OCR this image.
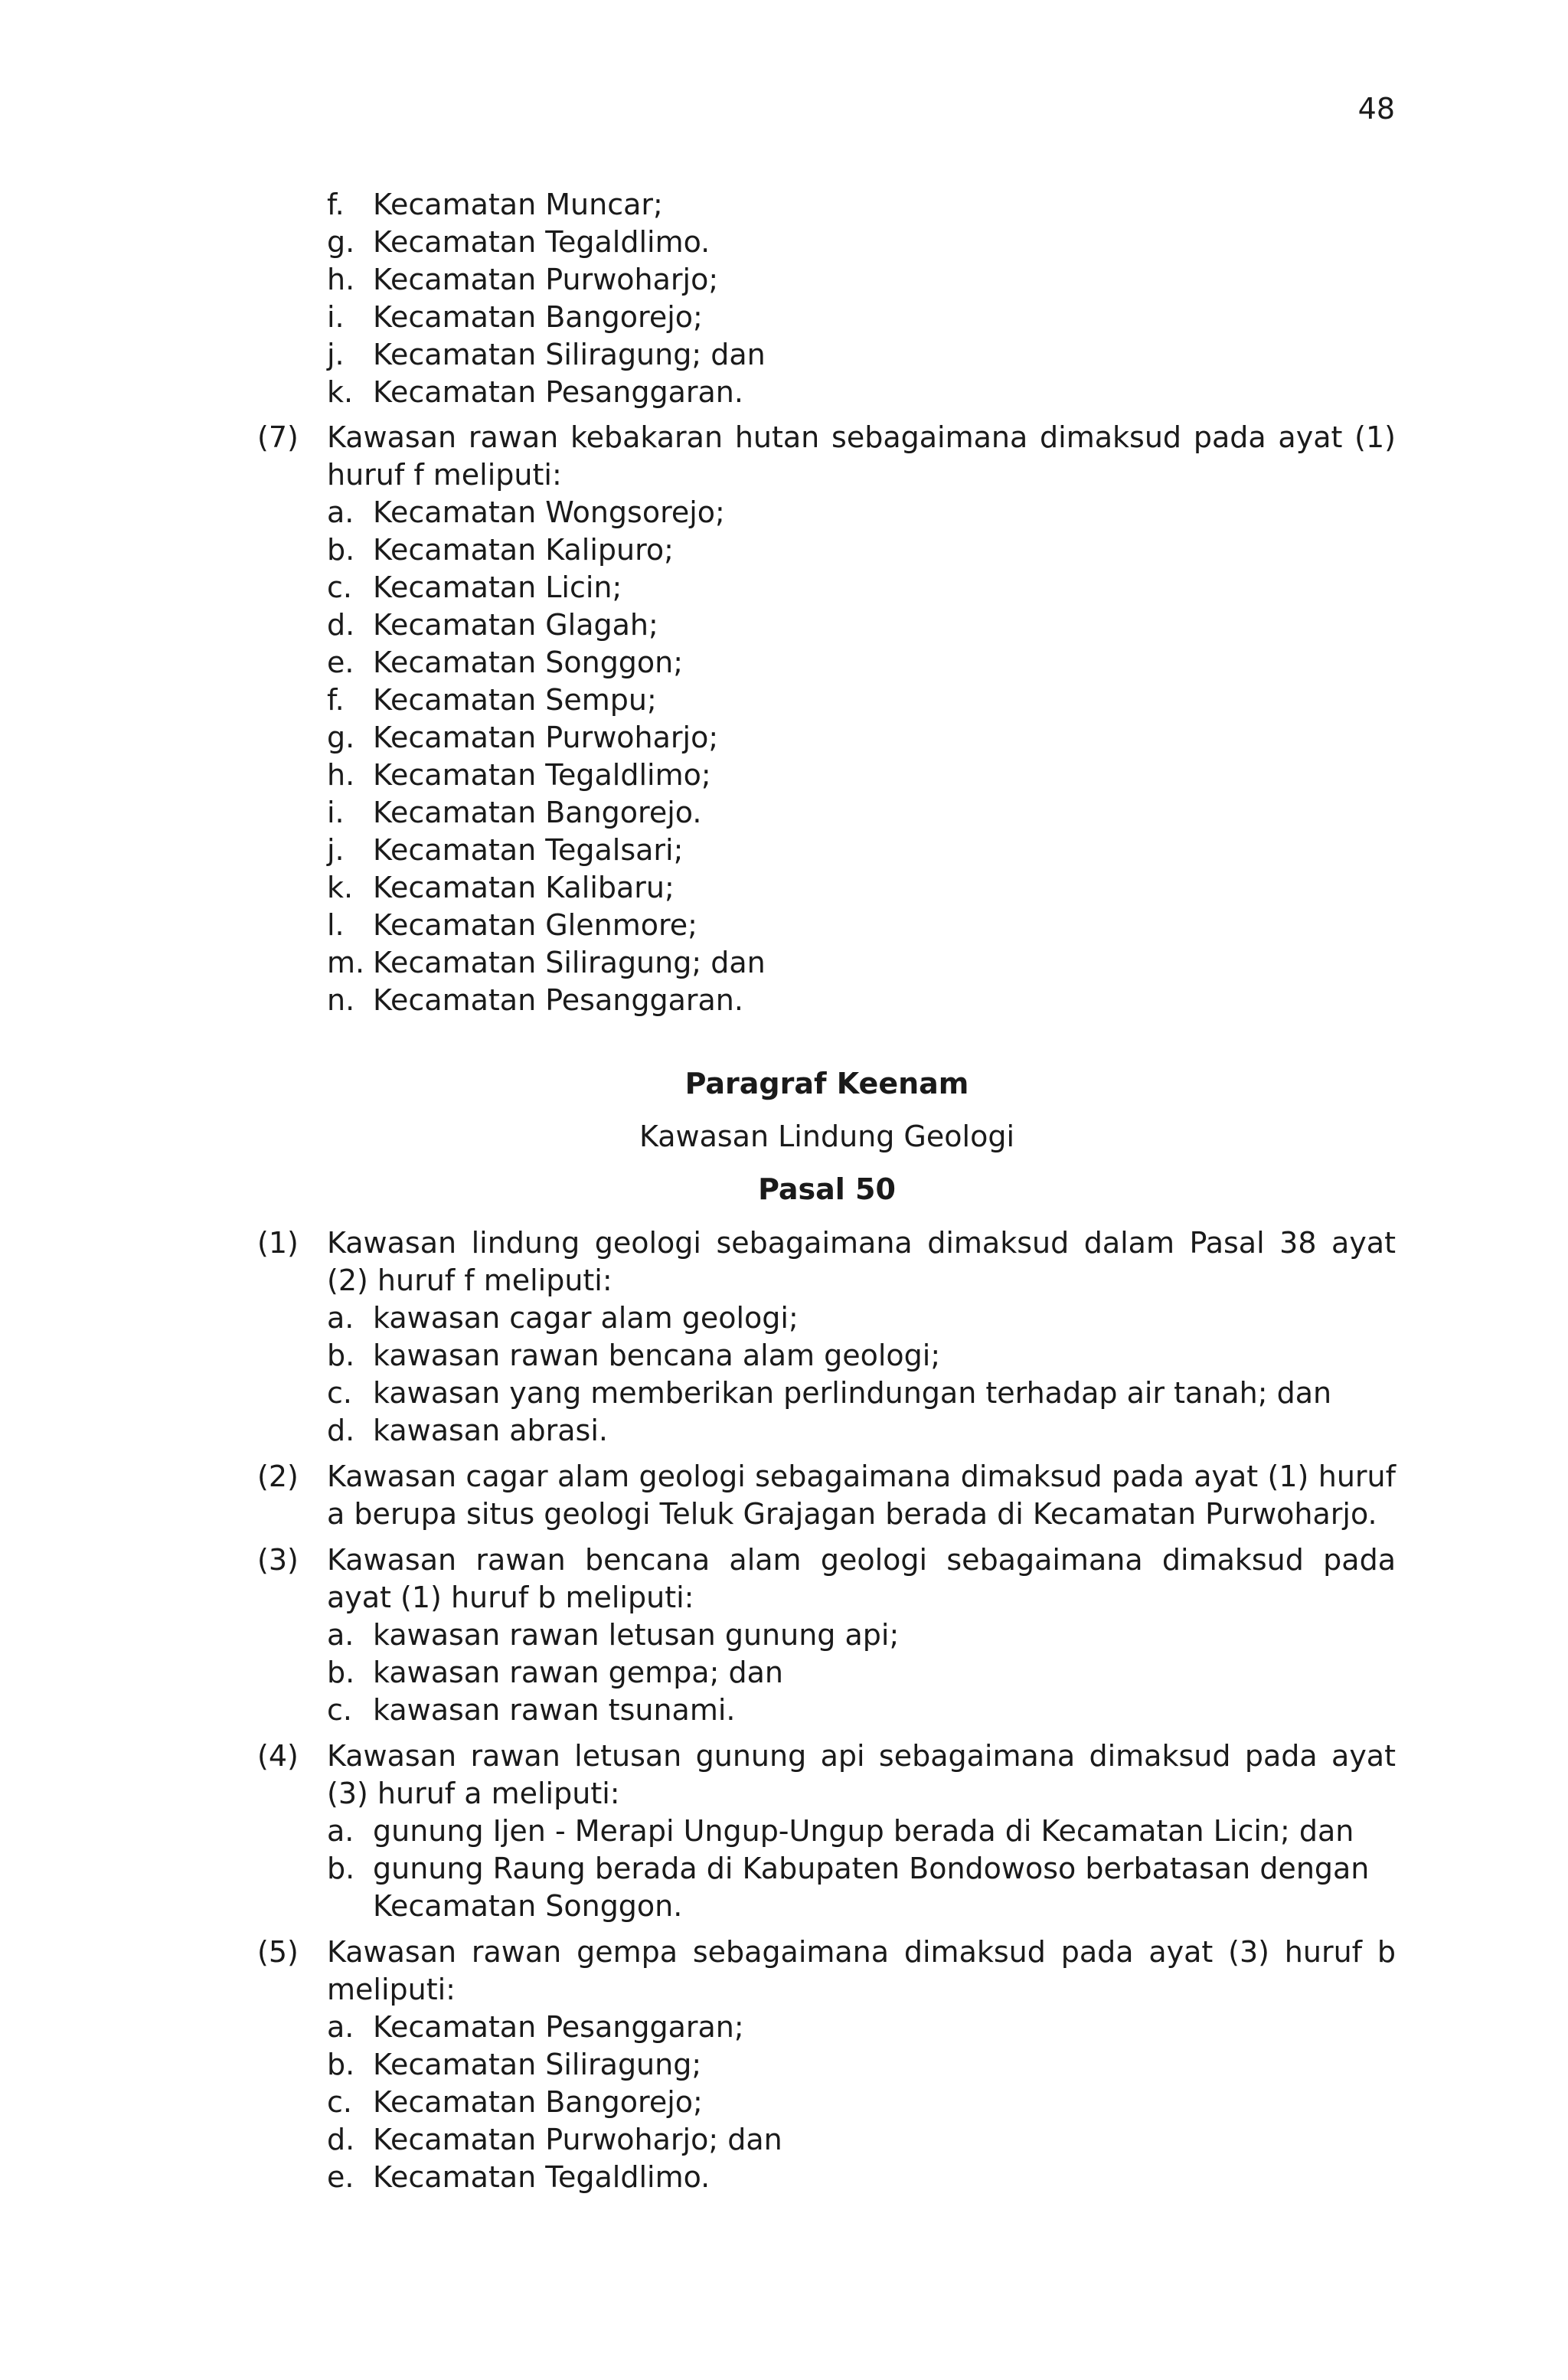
48
f. Kecamatan Muncar;
g. Kecamatan Tegaldlimo.
h. Kecamatan Purwoharjo;
i. Kecamatan Bangorejo;
j. Kecamatan Siliragung; dan
k. Kecamatan Pesanggaran.
(7) Kawasan rawan kebakaran hutan sebagaimana dimaksud pada ayat (1) huruf f meliputi:
a. Kecamatan Wongsorejo;
b. Kecamatan Kalipuro;
c. Kecamatan Licin;
d. Kecamatan Glagah;
e. Kecamatan Songgon;
f. Kecamatan Sempu;
g. Kecamatan Purwoharjo;
h. Kecamatan Tegaldlimo;
i. Kecamatan Bangorejo.
j. Kecamatan Tegalsari;
k. Kecamatan Kalibaru;
l. Kecamatan Glenmore;
m. Kecamatan Siliragung; dan
n. Kecamatan Pesanggaran.
Paragraf Keenam
Kawasan Lindung Geologi
Pasal 50
(1) Kawasan lindung geologi sebagaimana dimaksud dalam Pasal 38 ayat (2) huruf f meliputi:
a. kawasan cagar alam geologi;
b. kawasan rawan bencana alam geologi;
c. kawasan yang memberikan perlindungan terhadap air tanah; dan
d. kawasan abrasi.
(2) Kawasan cagar alam geologi sebagaimana dimaksud pada ayat (1) huruf a berupa situs geologi Teluk Grajagan berada di Kecamatan Purwoharjo.
(3) Kawasan rawan bencana alam geologi sebagaimana dimaksud pada ayat (1) huruf b meliputi:
a. kawasan rawan letusan gunung api;
b. kawasan rawan gempa; dan
c. kawasan rawan tsunami.
(4) Kawasan rawan letusan gunung api sebagaimana dimaksud pada ayat (3) huruf a meliputi:
a. gunung Ijen - Merapi Ungup-Ungup berada di Kecamatan Licin; dan
b. gunung Raung berada di Kabupaten Bondowoso berbatasan dengan Kecamatan Songgon.
(5) Kawasan rawan gempa sebagaimana dimaksud pada ayat (3) huruf b meliputi:
a. Kecamatan Pesanggaran;
b. Kecamatan Siliragung;
c. Kecamatan Bangorejo;
d. Kecamatan Purwoharjo; dan
e. Kecamatan Tegaldlimo.
